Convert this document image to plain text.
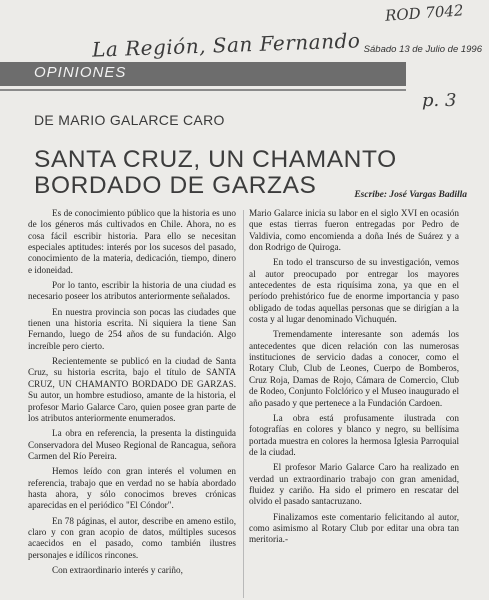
ROD 7042
La Región, San Fernando Sábado 13 de Julio de 1996
p. 3
OPINIONES
DE MARIO GALARCE CARO
SANTA CRUZ, UN CHAMANTO BORDADO DE GARZAS	Escribe: José Vargas Badilla

Es de conocimiento público que la historia es uno de los géneros más cultivados en Chile. Ahora, no es cosa fácil escribir historia. Para ello se necesitan especiales aptitudes: interés por los sucesos del pasado, conocimiento de la materia, dedicación, tiempo, dinero e idoneidad.

Por lo tanto, escribir la historia de una ciudad es necesario poseer los atributos anteriormente señalados.

En nuestra provincia son pocas las ciudades que tienen una historia escrita. Ni siquiera la tiene San Fernando, luego de 254 años de su fundación. Algo increíble pero cierto.

Recientemente se publicó en la ciudad de Santa Cruz, su historia escrita, bajo el título de SANTA CRUZ, UN CHAMANTO BORDADO DE GARZAS. Su autor, un hombre estudioso, amante de la historia, el profesor Mario Galarce Caro, quien posee gran parte de los atributos anteriormente enumerados.

La obra en referencia, la presenta la distinguida Conservadora del Museo Regional de Rancagua, señora Carmen del Río Pereira.

Hemos leído con gran interés el volumen en referencia, trabajo que en verdad no se había abordado hasta ahora, y sólo conocimos breves crónicas aparecidas en el periódico "El Cóndor".

En 78 páginas, el autor, describe en ameno estilo, claro y con gran acopio de datos, múltiples sucesos acaecidos en el pasado, como también ilustres personajes e idílicos rincones.

Con extraordinario interés y cariño,

Mario Galarce inicia su labor en el siglo XVI en ocasión que estas tierras fueron entregadas por Pedro de Valdivia, como encomienda a doña Inés de Suárez y a don Rodrigo de Quiroga.

En todo el transcurso de su investigación, vemos al autor preocupado por entregar los mayores antecedentes de esta riquísima zona, ya que en el período prehistórico fue de enorme importancia y paso obligado de todas aquellas personas que se dirigían a la costa y al lugar denominado Vichuquén.

Tremendamente interesante son además los antecedentes que dicen relación con las numerosas instituciones de servicio dadas a conocer, como el Rotary Club, Club de Leones, Cuerpo de Bomberos, Cruz Roja, Damas de Rojo, Cámara de Comercio, Club de Rodeo, Conjunto Folclórico y el Museo inaugurado el año pasado y que pertenece a la Fundación Cardoen.

La obra está profusamente ilustrada con fotografías en colores y blanco y negro, su bellísima portada muestra en colores la hermosa Iglesia Parroquial de la ciudad.

El profesor Mario Galarce Caro ha realizado en verdad un extraordinario trabajo con gran amenidad, fluidez y cariño. Ha sido el primero en rescatar del olvido el pasado santacruzano.

Finalizamos este comentario felicitando al autor, como asimismo al Rotary Club por editar una obra tan meritoria.-
